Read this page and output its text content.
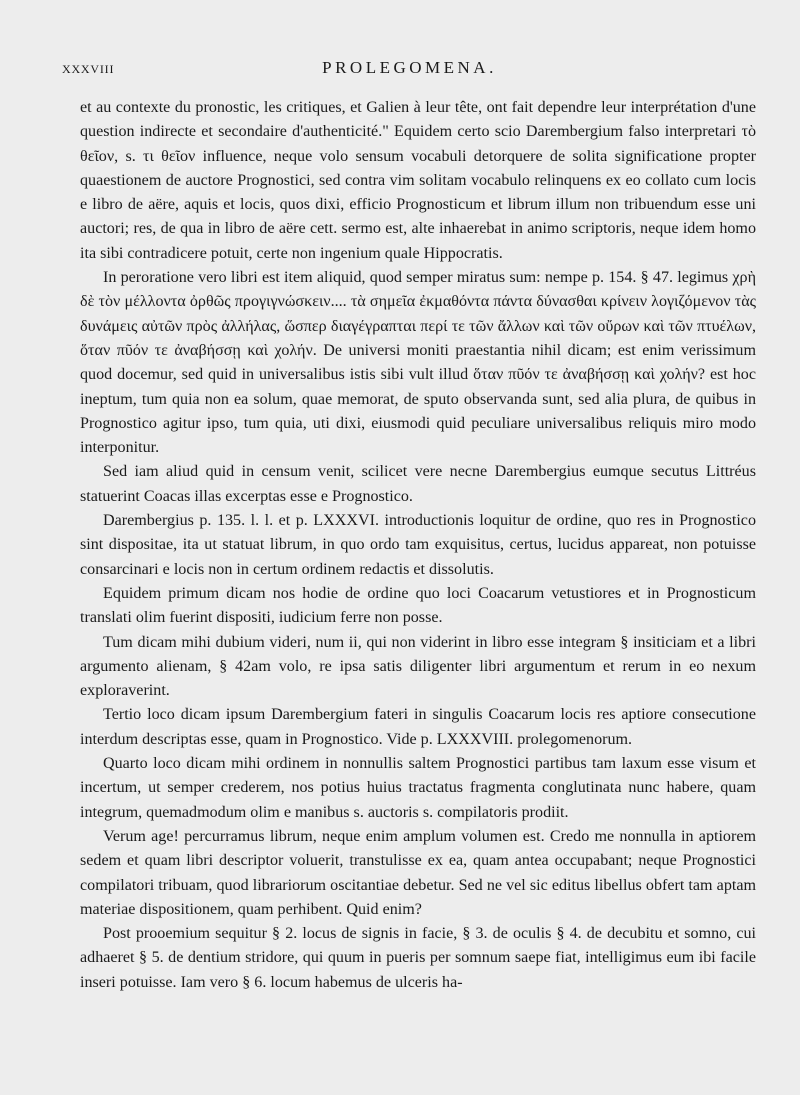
XXXVIII	PROLEGOMENA.

et au contexte du pronostic, les critiques, et Galien à leur tête, ont fait dependre leur interprétation d'une question indirecte et secondaire d'authenticité." Equidem certo scio Darembergium falso interpretari τὸ θεῖον, s. τι θεῖον influence, neque volo sensum vocabuli detorquere de solita significatione propter quaestionem de auctore Prognostici, sed contra vim solitam vocabulo relinquens ex eo collato cum locis e libro de aëre, aquis et locis, quos dixi, efficio Prognosticum et librum illum non tribuendum esse uni auctori; res, de qua in libro de aëre cett. sermo est, alte inhaerebat in animo scriptoris, neque idem homo ita sibi contradicere potuit, certe non ingenium quale Hippocratis.

In peroratione vero libri est item aliquid, quod semper miratus sum: nempe p. 154. § 47. legimus χρὴ δὲ τὸν μέλλοντα ὀρθῶς προγιγνώσκειν.... τὰ σημεῖα ἐκμαθόντα πάντα δύνασθαι κρίνειν λογιζόμενον τὰς δυνάμεις αὐτῶν πρὸς ἀλλήλας, ὥσπερ διαγέγραπται περί τε τῶν ἄλλων καὶ τῶν οὔρων καὶ τῶν πτυέλων, ὅταν πῦόν τε ἀναβήσσῃ καὶ χολήν. De universi moniti praestantia nihil dicam; est enim verissimum quod docemur, sed quid in universalibus istis sibi vult illud ὅταν πῦόν τε ἀναβήσσῃ καὶ χολήν? est hoc ineptum, tum quia non ea solum, quae memorat, de sputo observanda sunt, sed alia plura, de quibus in Prognostico agitur ipso, tum quia, uti dixi, eiusmodi quid peculiare universalibus reliquis miro modo interponitur.

Sed iam aliud quid in censum venit, scilicet vere necne Darembergius eumque secutus Littréus statuerint Coacas illas excerptas esse e Prognostico.

Darembergius p. 135. l. l. et p. LXXXVI. introductionis loquitur de ordine, quo res in Prognostico sint dispositae, ita ut statuat librum, in quo ordo tam exquisitus, certus, lucidus appareat, non potuisse consarcinari e locis non in certum ordinem redactis et dissolutis.

Equidem primum dicam nos hodie de ordine quo loci Coacarum vetustiores et in Prognosticum translati olim fuerint dispositi, iudicium ferre non posse.

Tum dicam mihi dubium videri, num ii, qui non viderint in libro esse integram § insiticiam et a libri argumento alienam, § 42am volo, re ipsa satis diligenter libri argumentum et rerum in eo nexum exploraverint.

Tertio loco dicam ipsum Darembergium fateri in singulis Coacarum locis res aptiore consecutione interdum descriptas esse, quam in Prognostico. Vide p. LXXXVIII. prolegomenorum.

Quarto loco dicam mihi ordinem in nonnullis saltem Prognostici partibus tam laxum esse visum et incertum, ut semper crederem, nos potius huius tractatus fragmenta conglutinata nunc habere, quam integrum, quemadmodum olim e manibus s. auctoris s. compilatoris prodiit.

Verum age! percurramus librum, neque enim amplum volumen est. Credo me nonnulla in aptiorem sedem et quam libri descriptor voluerit, transtulisse ex ea, quam antea occupabant; neque Prognostici compilatori tribuam, quod librariorum oscitantiae debetur. Sed ne vel sic editus libellus obfert tam aptam materiae dispositionem, quam perhibent. Quid enim?

Post prooemium sequitur § 2. locus de signis in facie, § 3. de oculis § 4. de decubitu et somno, cui adhaeret § 5. de dentium stridore, qui quum in pueris per somnum saepe fiat, intelligimus eum ibi facile inseri potuisse. Iam vero § 6. locum habemus de ulceris ha-
